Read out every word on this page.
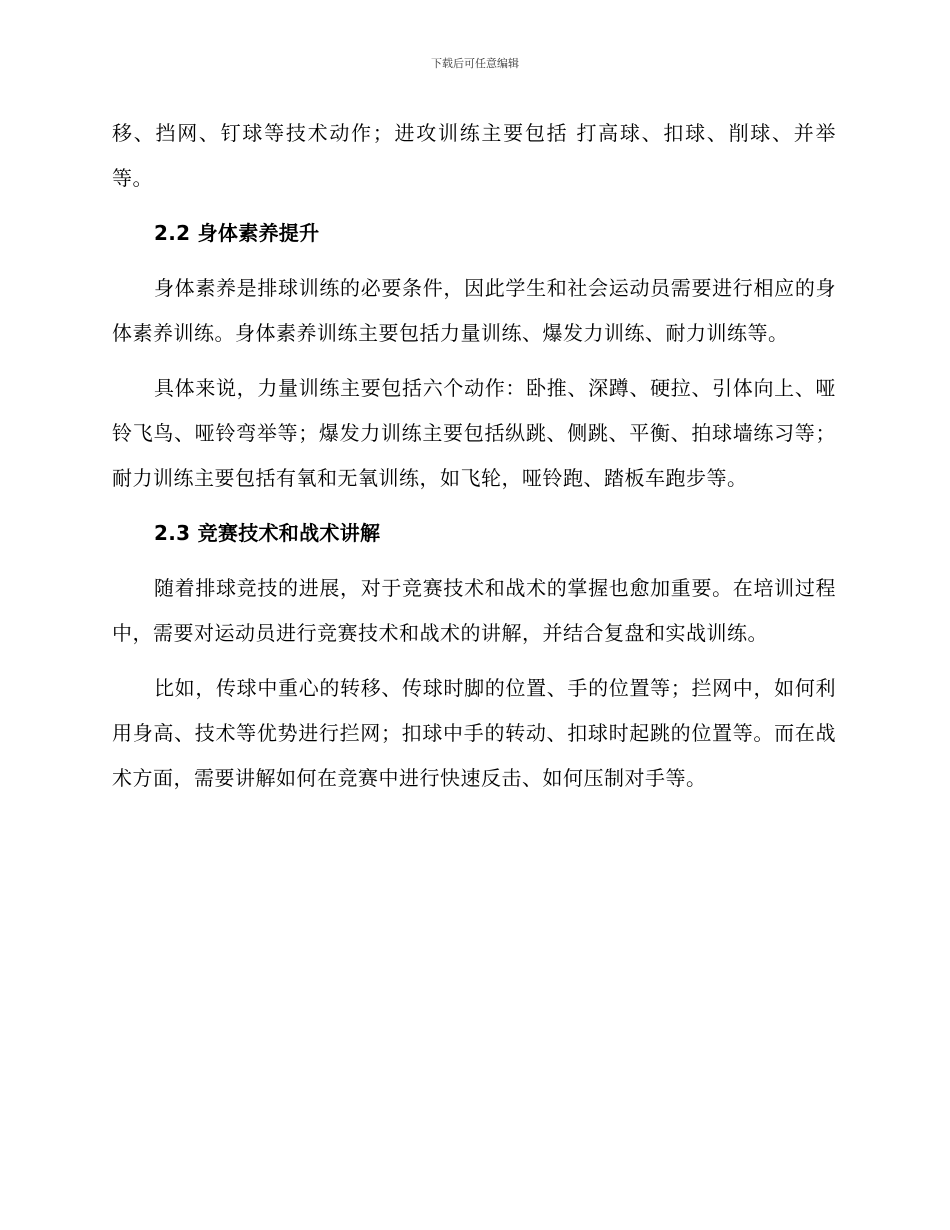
下载后可任意编辑

移、挡网、钉球等技术动作；进攻训练主要包括 打高球、扣球、削球、并举等。

2.2 身体素养提升

身体素养是排球训练的必要条件，因此学生和社会运动员需要进行相应的身体素养训练。身体素养训练主要包括力量训练、爆发力训练、耐力训练等。

具体来说，力量训练主要包括六个动作：卧推、深蹲、硬拉、引体向上、哑铃飞鸟、哑铃弯举等；爆发力训练主要包括纵跳、侧跳、平衡、拍球墙练习等；耐力训练主要包括有氧和无氧训练，如飞轮，哑铃跑、踏板车跑步等。

2.3 竞赛技术和战术讲解

随着排球竞技的进展，对于竞赛技术和战术的掌握也愈加重要。在培训过程中，需要对运动员进行竞赛技术和战术的讲解，并结合复盘和实战训练。

比如，传球中重心的转移、传球时脚的位置、手的位置等；拦网中，如何利用身高、技术等优势进行拦网；扣球中手的转动、扣球时起跳的位置等。而在战术方面，需要讲解如何在竞赛中进行快速反击、如何压制对手等。
